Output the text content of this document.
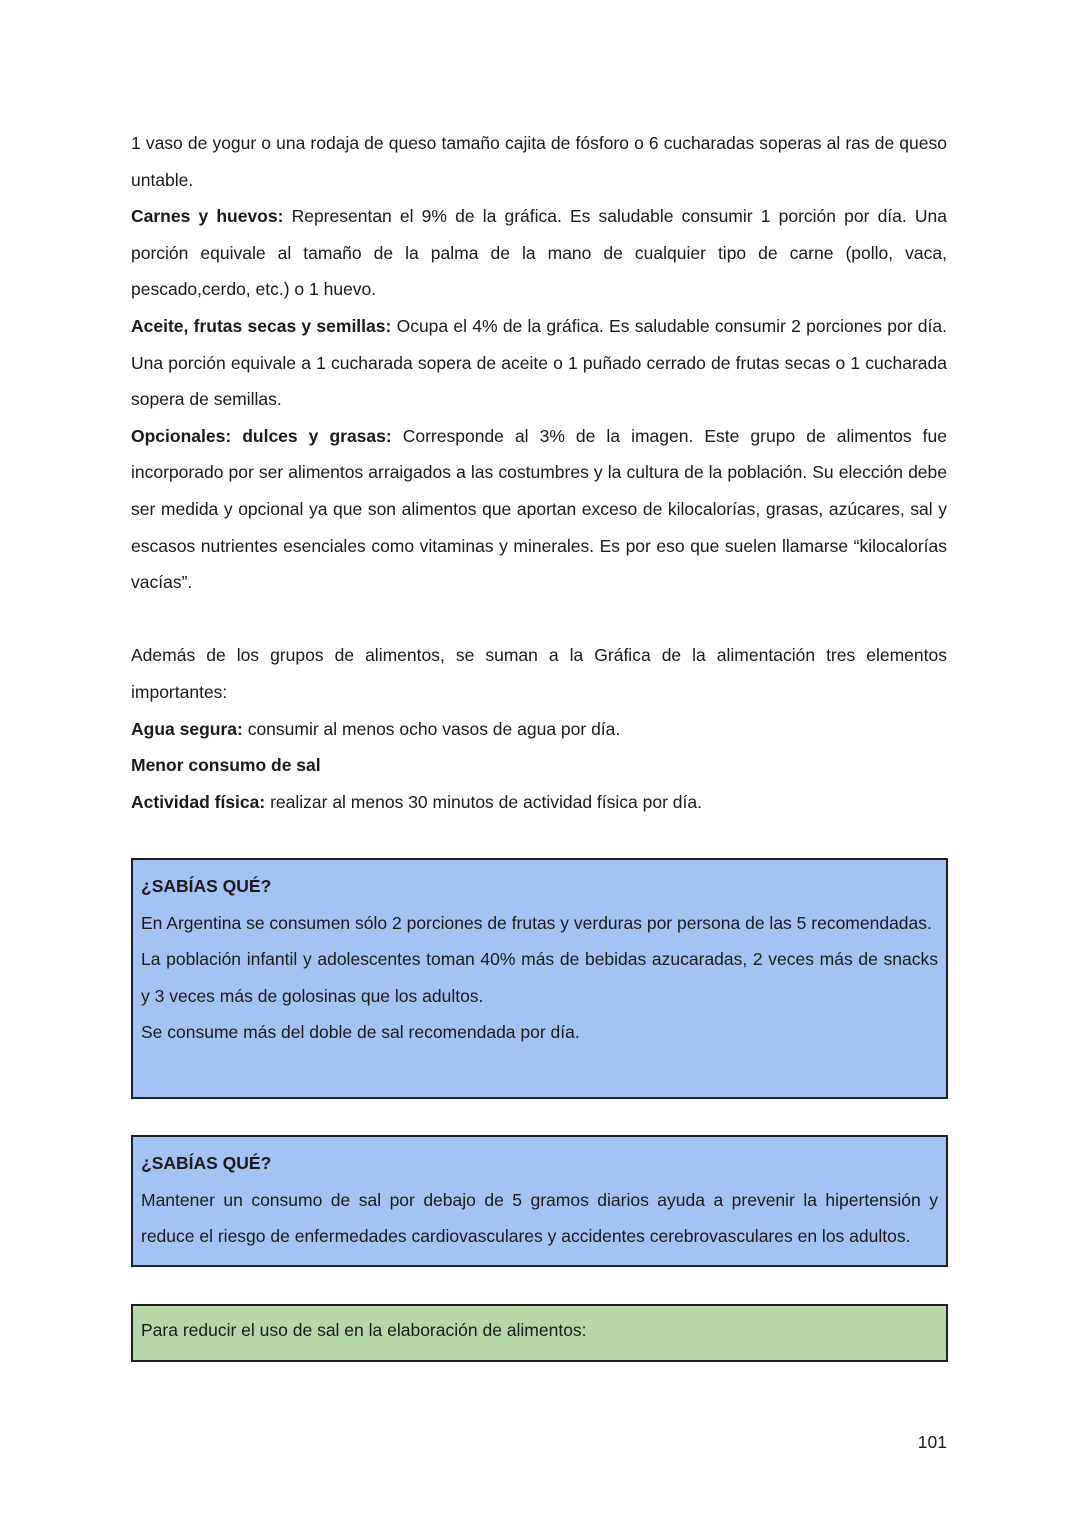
1 vaso de yogur o una rodaja de queso tamaño cajita de fósforo o 6 cucharadas soperas al ras de queso untable.

Carnes y huevos: Representan el 9% de la gráfica. Es saludable consumir 1 porción por día. Una porción equivale al tamaño de la palma de la mano de cualquier tipo de carne (pollo, vaca, pescado,cerdo, etc.) o 1 huevo.

Aceite, frutas secas y semillas: Ocupa el 4% de la gráfica. Es saludable consumir 2 porciones por día. Una porción equivale a 1 cucharada sopera de aceite o 1 puñado cerrado de frutas secas o 1 cucharada sopera de semillas.

Opcionales: dulces y grasas: Corresponde al 3% de la imagen. Este grupo de alimentos fue incorporado por ser alimentos arraigados a las costumbres y la cultura de la población. Su elección debe ser medida y opcional ya que son alimentos que aportan exceso de kilocalorías, grasas, azúcares, sal y escasos nutrientes esenciales como vitaminas y minerales. Es por eso que suelen llamarse “kilocalorías vacías”.

Además de los grupos de alimentos, se suman a la Gráfica de la alimentación tres elementos importantes:

Agua segura: consumir al menos ocho vasos de agua por día.

Menor consumo de sal

Actividad física: realizar al menos 30 minutos de actividad física por día.

¿SABÍAS QUÉ?

En Argentina se consumen sólo 2 porciones de frutas y verduras por persona de las 5 recomendadas.

La población infantil y adolescentes toman 40% más de bebidas azucaradas, 2 veces más de snacks y 3 veces más de golosinas que los adultos.

Se consume más del doble de sal recomendada por día.

¿SABÍAS QUÉ?

Mantener un consumo de sal por debajo de 5 gramos diarios ayuda a prevenir la hipertensión y reduce el riesgo de enfermedades cardiovasculares y accidentes cerebrovasculares en los adultos.

Para reducir el uso de sal en la elaboración de alimentos:

101
